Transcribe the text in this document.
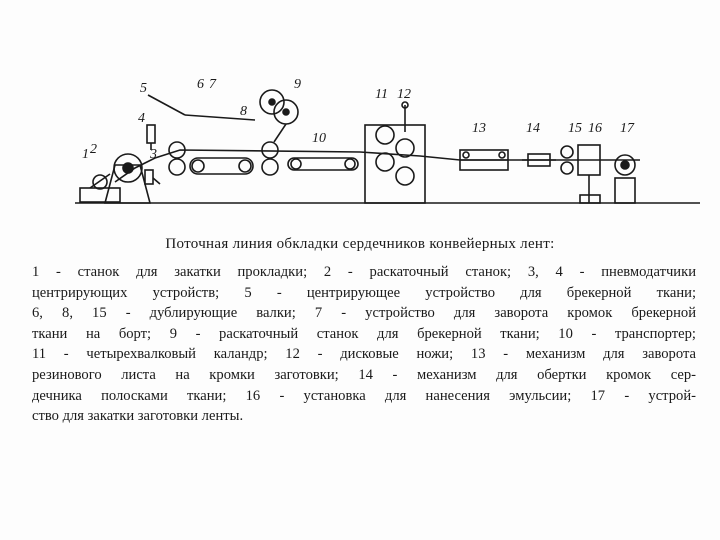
1 2	3
4
5	6 7
8
9
10
11 12
13	14 15 16 17
Поточная линия обкладки сердечников конвейерных лент:
1 - станок для закатки прокладки; 2 - раскаточный станок; 3, 4 - пневмодатчики
центрирующих устройств; 5 - центрирующее устройство для брекерной ткани;
6, 8, 15 - дублирующие валки; 7 - устройство для заворота кромок брекерной
ткани на борт; 9 - раскаточный станок для брекерной ткани; 10 - транспортер;
11 - четырехвалковый каландр; 12 - дисковые ножи; 13 - механизм для заворота
резинового листа на кромки заготовки; 14 - механизм для обертки кромок сер-
дечника полосками ткани; 16 - установка для нанесения эмульсии; 17 - устрой-
ство для закатки заготовки ленты.
